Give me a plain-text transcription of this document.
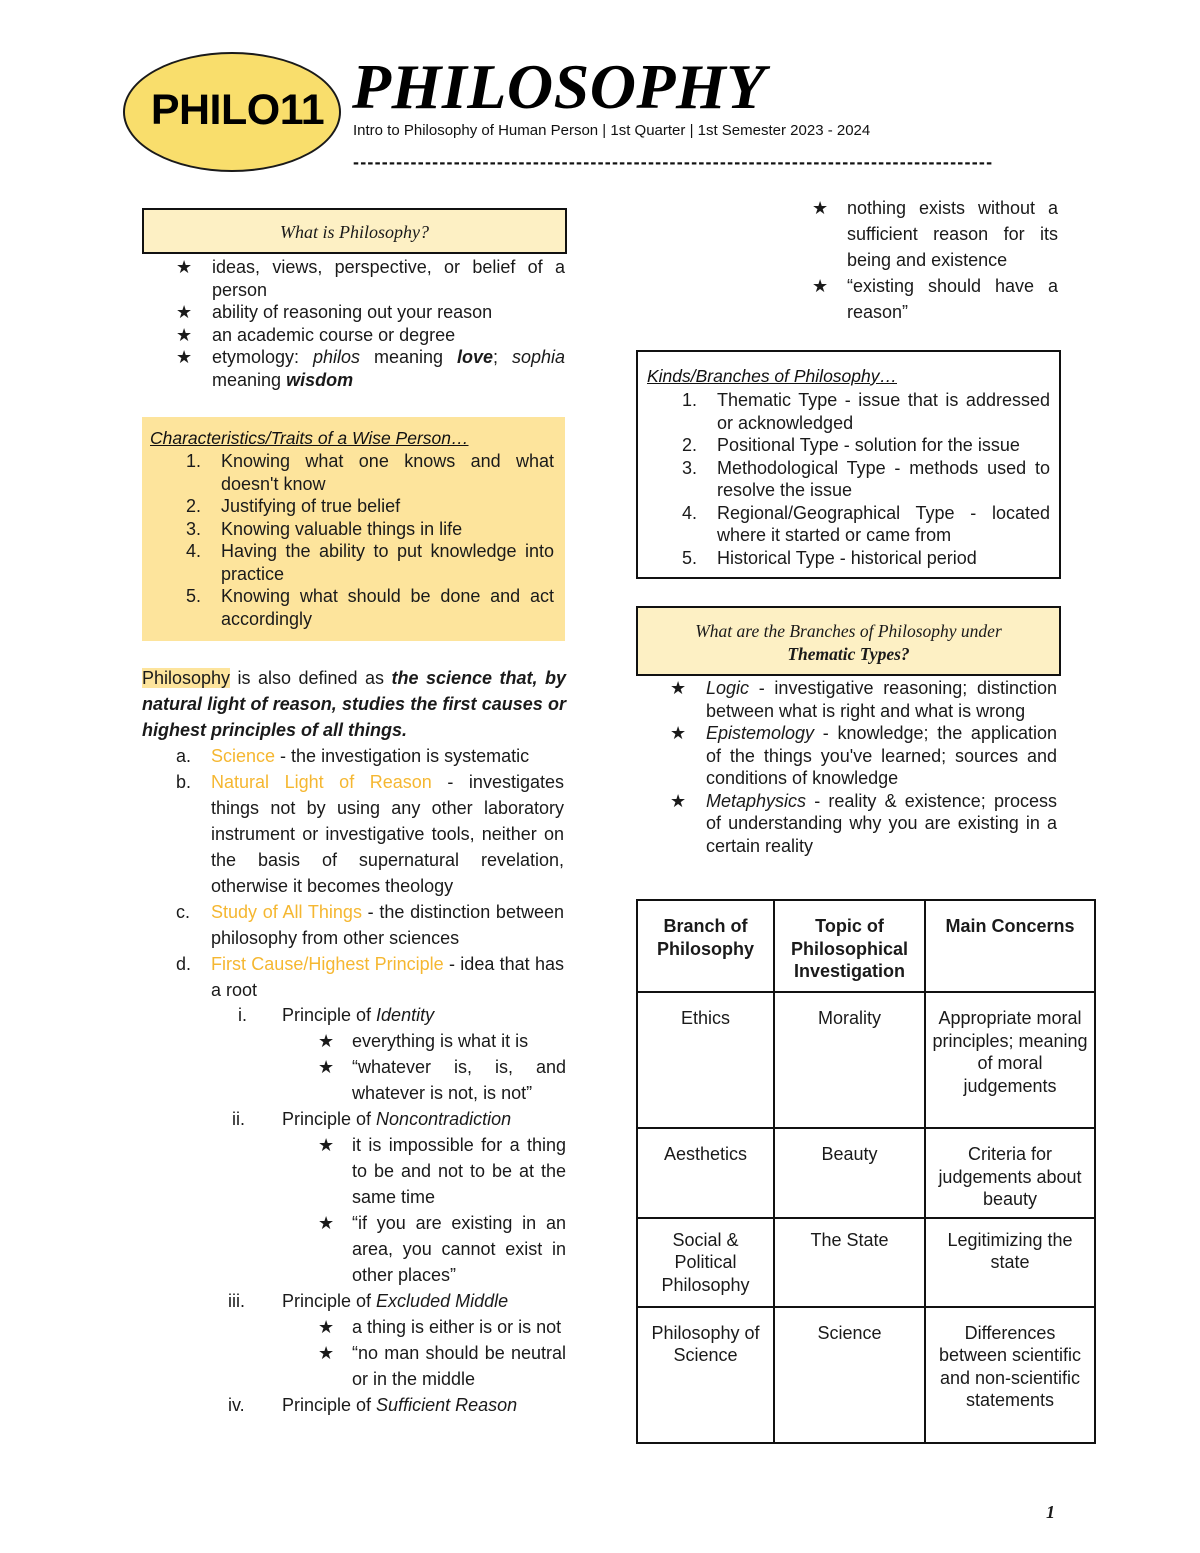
PHILO11 PHILOSOPHY
Intro to Philosophy of Human Person | 1st Quarter | 1st Semester 2023 - 2024
-----------------------------------------------------------------------------------------
What is Philosophy?
★ ideas, views, perspective, or belief of a person
★ ability of reasoning out your reason
★ an academic course or degree
★ etymology: philos meaning love; sophia meaning wisdom
Characteristics/Traits of a Wise Person…
1. Knowing what one knows and what doesn't know
2. Justifying of true belief
3. Knowing valuable things in life
4. Having the ability to put knowledge into practice
5. Knowing what should be done and act accordingly
Philosophy is also defined as the science that, by natural light of reason, studies the first causes or highest principles of all things.
a. Science - the investigation is systematic
b. Natural Light of Reason - investigates things not by using any other laboratory instrument or investigative tools, neither on the basis of supernatural revelation, otherwise it becomes theology
c. Study of All Things - the distinction between philosophy from other sciences
d. First Cause/Highest Principle - idea that has a root
i. Principle of Identity
★ everything is what it is
★ “whatever is, is, and whatever is not, is not”
ii. Principle of Noncontradiction
★ it is impossible for a thing to be and not to be at the same time
★ “if you are existing in an area, you cannot exist in other places”
iii. Principle of Excluded Middle
★ a thing is either is or is not
★ “no man should be neutral or in the middle
iv. Principle of Sufficient Reason
★ nothing exists without a sufficient reason for its being and existence
★ “existing should have a reason”
Kinds/Branches of Philosophy…
1. Thematic Type - issue that is addressed or acknowledged
2. Positional Type - solution for the issue
3. Methodological Type - methods used to resolve the issue
4. Regional/Geographical Type - located where it started or came from
5. Historical Type - historical period
What are the Branches of Philosophy under
Thematic Types?
★ Logic - investigative reasoning; distinction between what is right and what is wrong
★ Epistemology - knowledge; the application of the things you've learned; sources and conditions of knowledge
★ Metaphysics - reality & existence; process of understanding why you are existing in a certain reality
Branch of Philosophy	Topic of Philosophical Investigation	Main Concerns
Ethics	Morality	Appropriate moral principles; meaning of moral judgements
Aesthetics	Beauty	Criteria for judgements about beauty
Social & Political Philosophy	The State	Legitimizing the state
Philosophy of Science	Science	Differences between scientific and non-scientific statements
1
